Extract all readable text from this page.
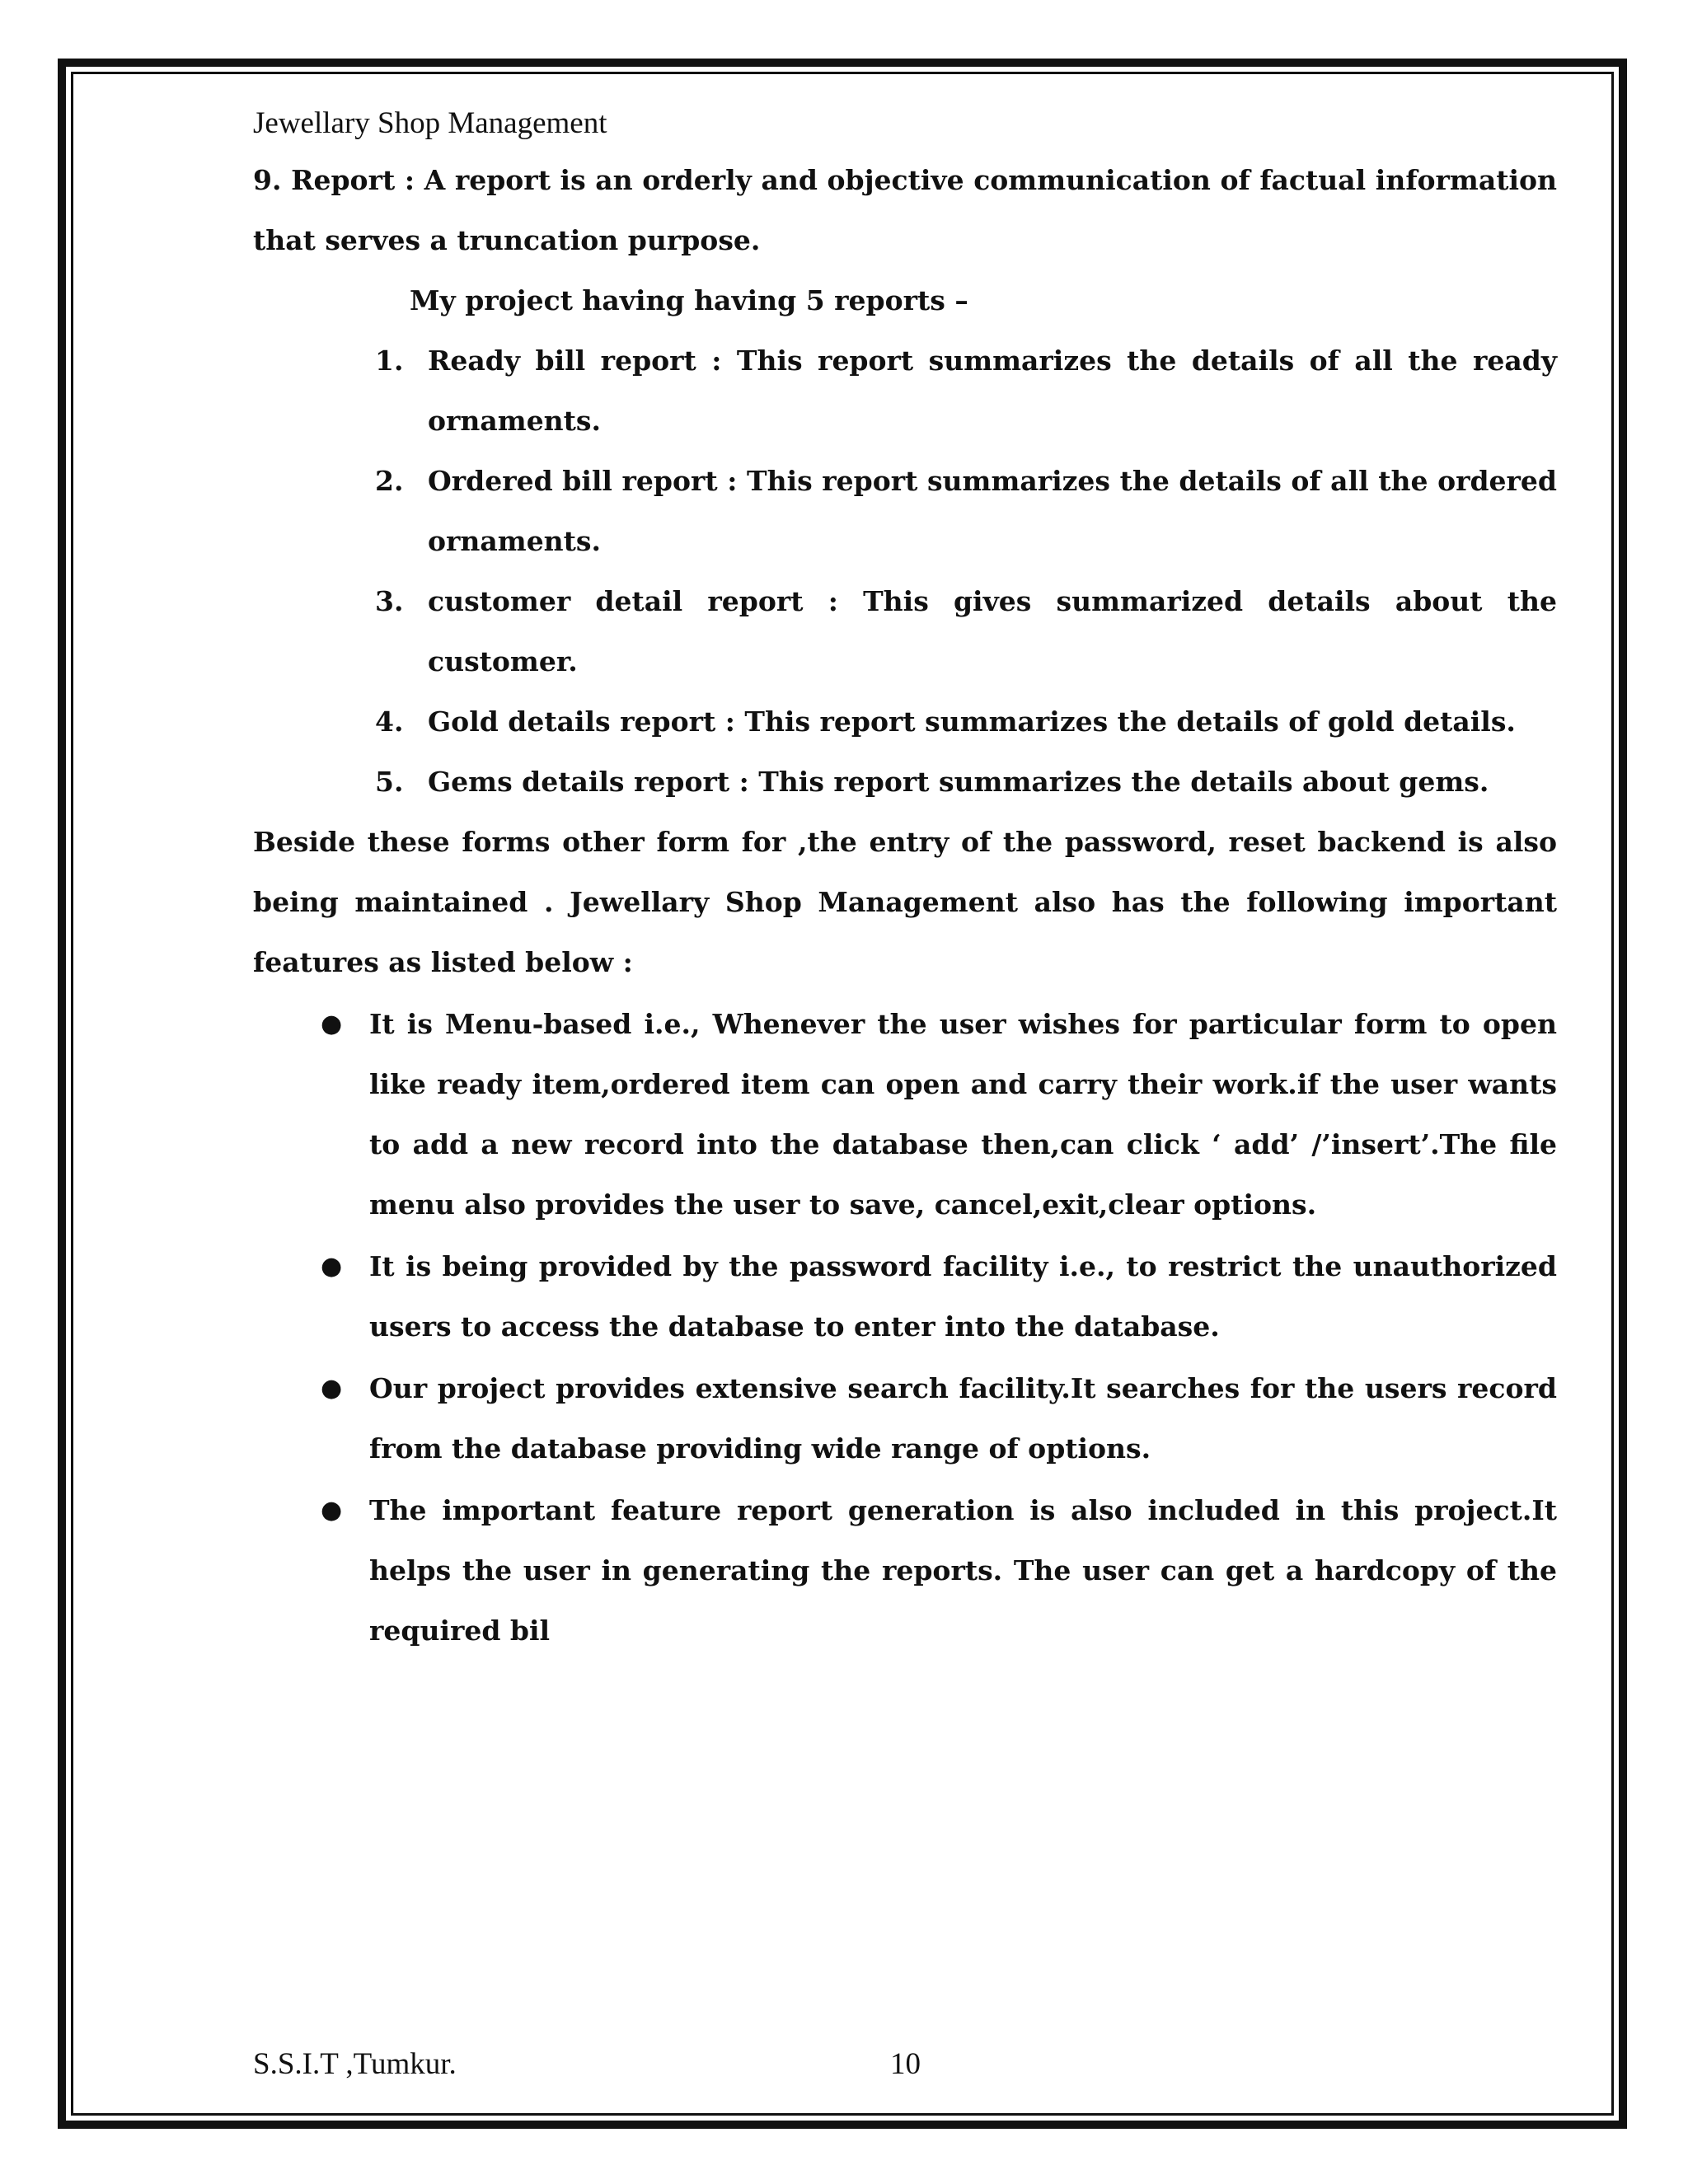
Jewellary Shop Management

9. Report : A report is an orderly and objective communication of factual information that serves a truncation purpose.

My project having having 5 reports –

1. Ready bill report : This report summarizes the details of all the ready ornaments.
2. Ordered bill report : This report summarizes the details of all the ordered ornaments.
3. customer detail report : This gives summarized details about the customer.
4. Gold details report : This report summarizes the details of gold details.
5. Gems details report : This report summarizes the details about gems.

Beside these forms other form for ,the entry of the password, reset backend is also being maintained . Jewellary Shop Management also has the following important features as listed below :

● It is Menu-based i.e., Whenever the user wishes for particular form to open like ready item,ordered item can open and carry their work.if the user wants to add a new record into the database then,can click ‘ add’ /’insert’.The file menu also provides the user to save, cancel,exit,clear options.
● It is being provided by the password facility i.e., to restrict the unauthorized users to access the database to enter into the database.
● Our project provides extensive search facility.It searches for the users record from the database providing wide range of options.
● The important feature report generation is also included in this project.It helps the user in generating the reports. The user can get a hardcopy of the required bil
S.S.I.T ,Tumkur.	10
